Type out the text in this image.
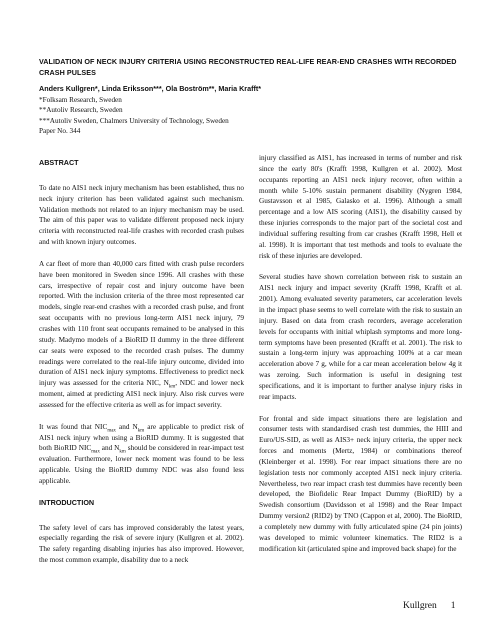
VALIDATION OF NECK INJURY CRITERIA USING RECONSTRUCTED REAL-LIFE REAR-END CRASHES WITH RECORDED CRASH PULSES
Anders Kullgren*, Linda Eriksson***, Ola Boström**, Maria Krafft*
*Folksam Research, Sweden
**Autoliv Research, Sweden
***Autoliv Sweden, Chalmers University of Technology, Sweden
Paper No. 344
ABSTRACT

To date no AIS1 neck injury mechanism has been established, thus no neck injury criterion has been validated against such mechanism. Validation methods not related to an injury mechanism may be used. The aim of this paper was to validate different proposed neck injury criteria with reconstructed real-life crashes with recorded crash pulses and with known injury outcomes.

A car fleet of more than 40,000 cars fitted with crash pulse recorders have been monitored in Sweden since 1996. All crashes with these cars, irrespective of repair cost and injury outcome have been reported. With the inclusion criteria of the three most represented car models, single rear-end crashes with a recorded crash pulse, and front seat occupants with no previous long-term AIS1 neck injury, 79 crashes with 110 front seat occupants remained to be analysed in this study. Madymo models of a BioRID II dummy in the three different car seats were exposed to the recorded crash pulses. The dummy readings were correlated to the real-life injury outcome, divided into duration of AIS1 neck injury symptoms. Effectiveness to predict neck injury was assessed for the criteria NIC, $N_{km}$, NDC and lower neck moment, aimed at predicting AIS1 neck injury. Also risk curves were assessed for the effective criteria as well as for impact severity.

It was found that $NIC_{max}$ and $N_{km}$ are applicable to predict risk of AIS1 neck injury when using a BioRID dummy. It is suggested that both BioRID $NIC_{max}$ and $N_{km}$ should be considered in rear-impact test evaluation. Furthermore, lower neck moment was found to be less applicable. Using the BioRID dummy NDC was also found less applicable.

INTRODUCTION

The safety level of cars has improved considerably the latest years, especially regarding the risk of severe injury (Kullgren et al. 2002). The safety regarding disabling injuries has also improved. However, the most common example, disability due to a neck

injury classified as AIS1, has increased in terms of number and risk since the early 80's (Krafft 1998, Kullgren et al. 2002). Most occupants reporting an AIS1 neck injury recover, often within a month while 5-10% sustain permanent disability (Nygren 1984, Gustavsson et al 1985, Galasko et al. 1996). Although a small percentage and a low AIS scoring (AIS1), the disability caused by these injuries corresponds to the major part of the societal cost and individual suffering resulting from car crashes (Krafft 1998, Hell et al. 1998). It is important that test methods and tools to evaluate the risk of these injuries are developed.

Several studies have shown correlation between risk to sustain an AIS1 neck injury and impact severity (Krafft 1998, Krafft et al. 2001). Among evaluated severity parameters, car acceleration levels in the impact phase seems to well correlate with the risk to sustain an injury. Based on data from crash recorders, average acceleration levels for occupants with initial whiplash symptoms and more long-term symptoms have been presented (Krafft et al. 2001). The risk to sustain a long-term injury was approaching 100% at a car mean acceleration above 7 g, while for a car mean acceleration below 4g it was zeroing. Such information is useful in designing test specifications, and it is important to further analyse injury risks in rear impacts.

For frontal and side impact situations there are legislation and consumer tests with standardised crash test dummies, the HIII and Euro/US-SID, as well as AIS3+ neck injury criteria, the upper neck forces and moments (Mertz, 1984) or combinations thereof (Kleinberger et al. 1998). For rear impact situations there are no legislation tests nor commonly accepted AIS1 neck injury criteria. Nevertheless, two rear impact crash test dummies have recently been developed, the Biofidelic Rear Impact Dummy (BioRID) by a Swedish consortium (Davidsson et al 1998) and the Rear Impact Dummy version2 (RID2) by TNO (Cappon et al, 2000). The BioRID, a completely new dummy with fully articulated spine (24 pin joints) was developed to mimic volunteer kinematics. The RID2 is a modification kit (articulated spine and improved back shape) for the

Kullgren 1
